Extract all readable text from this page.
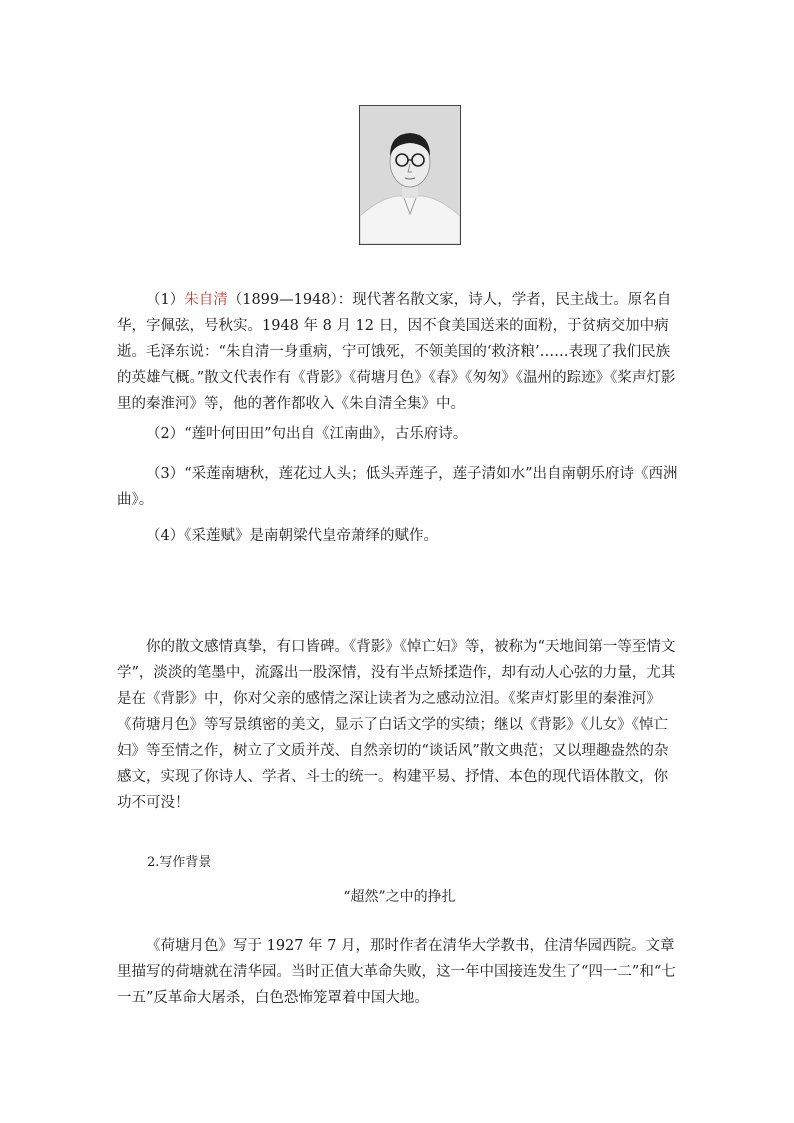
（1）朱自清（1899—1948）：现代著名散文家，诗人，学者，民主战士。原名自华，字佩弦，号秋实。1948 年 8 月 12 日，因不食美国送来的面粉，于贫病交加中病逝。毛泽东说：“朱自清一身重病，宁可饿死，不领美国的‘救济粮’……表现了我们民族的英雄气概。”散文代表作有《背影》《荷塘月色》《春》《匆匆》《温州的踪迹》《桨声灯影里的秦淮河》等，他的著作都收入《朱自清全集》中。

（2）“莲叶何田田”句出自《江南曲》，古乐府诗。

（3）“采莲南塘秋，莲花过人头；低头弄莲子，莲子清如水”出自南朝乐府诗《西洲曲》。

（4）《采莲赋》是南朝梁代皇帝萧绎的赋作。

你的散文感情真挚，有口皆碑。《背影》《悼亡妇》等，被称为“天地间第一等至情文学”，淡淡的笔墨中，流露出一股深情，没有半点矫揉造作，却有动人心弦的力量，尤其是在《背影》中，你对父亲的感情之深让读者为之感动泣泪。《桨声灯影里的秦淮河》《荷塘月色》等写景缜密的美文，显示了白话文学的实绩；继以《背影》《儿女》《悼亡妇》等至情之作，树立了文质并茂、自然亲切的“谈话风”散文典范；又以理趣盎然的杂感文，实现了你诗人、学者、斗士的统一。构建平易、抒情、本色的现代语体散文，你功不可没！

2.写作背景
“超然”之中的挣扎

《荷塘月色》写于 1927 年 7 月，那时作者在清华大学教书，住清华园西院。文章里描写的荷塘就在清华园。当时正值大革命失败，这一年中国接连发生了“四一二”和“七一五”反革命大屠杀，白色恐怖笼罩着中国大地。
